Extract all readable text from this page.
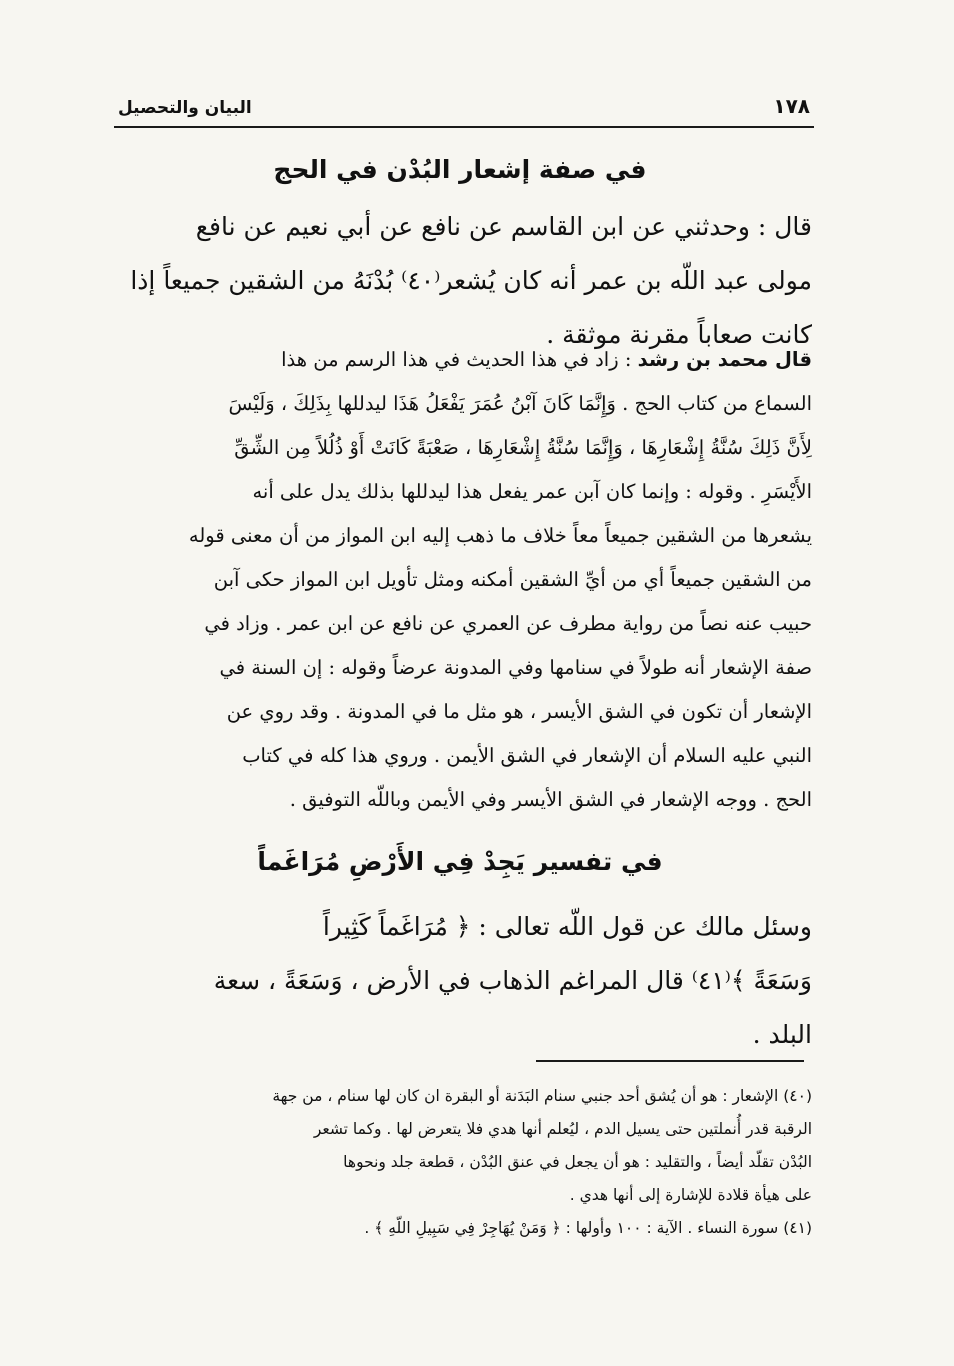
١٧٨
البيان والتحصيل
في صفة إشعار البُدْن في الحج
قال : وحدثني عن ابن القاسم عن نافع عن أبي نعيم عن نافع
مولى عبد اللّه بن عمر أنه كان يُشعر⁽٤٠⁾ بُدْنَهُ من الشقين جميعاً إذا
كانت صعاباً مقرنة موثقة .
قال محمد بن رشد : زاد في هذا الحديث في هذا الرسم من هذا
السماع من كتاب الحج . وَإِنَّمَا كَانَ آبْنُ عُمَرَ يَفْعَلُ هَذَا ليدللها بِذَلِكَ ، وَلَيْسَ
لِأَنَّ ذَلِكَ سُنَّةُ إِشْعَارِهَا ، وَإِنَّمَا سُنَّةُ إِشْعَارِهَا ، صَعْبَةً كَانَتْ أَوْ ذُلُلاً مِن الشِّقِّ
الأَيْسَرِ . وقوله : وإنما كان آبن عمر يفعل هذا ليدللها بذلك يدل على أنه
يشعرها من الشقين جميعاً معاً خلاف ما ذهب إليه ابن المواز من أن معنى قوله
من الشقين جميعاً أي من أيِّ الشقين أمكنه ومثل تأويل ابن المواز حكى آبن
حبيب عنه نصاً من رواية مطرف عن العمري عن نافع عن ابن عمر . وزاد في
صفة الإشعار أنه طولاً في سنامها وفي المدونة عرضاً وقوله : إن السنة في
الإشعار أن تكون في الشق الأيسر ، هو مثل ما في المدونة . وقد روي عن
النبي عليه السلام أن الإشعار في الشق الأيمن . وروي هذا كله في كتاب
الحج . ووجه الإشعار في الشق الأيسر وفي الأيمن وباللّه التوفيق .
في تفسير يَجِدْ فِي الأَرْضِ مُرَاغَماً
وسئل مالك عن قول اللّه تعالى : ﴿ مُرَاغَماً كَثِيراً
وَسَعَةً ﴾⁽٤١⁾ قال المراغم الذهاب في الأرض ، وَسَعَةً ، سعة
البلد .
(٤٠) الإشعار : هو أن يُشق أحد جنبي سنام البَدَنة أو البقرة ان كان لها سنام ، من جهة
الرقبة قدر أُنملتين حتى يسيل الدم ، ليُعلم أنها هدي فلا يتعرض لها . وكما تشعر
البُدْن تقلّد أيضاً ، والتقليد : هو أن يجعل في عنق البُدْن ، قطعة جلد ونحوها
على هيأة قلادة للإشارة إلى أنها هدي .
(٤١) سورة النساء . الآية : ١٠٠ وأولها : ﴿ وَمَنْ يُهَاجِرْ فِي سَبِيلِ اللّهِ ﴾ .
